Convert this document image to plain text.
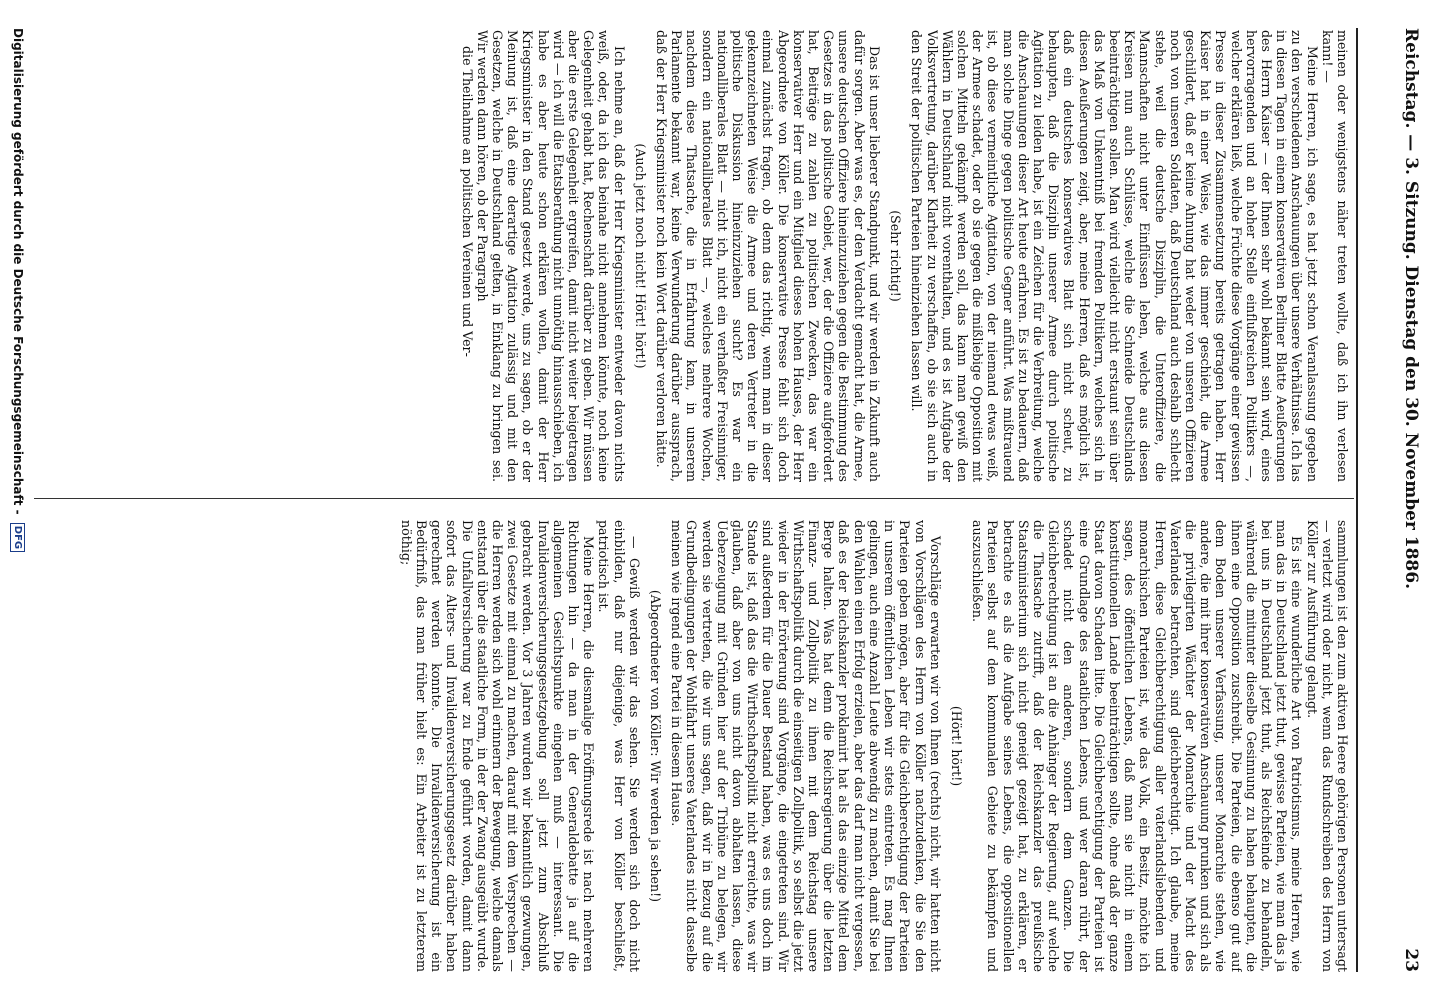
Reichstag. — 3. Sitzung. Dienstag den 30. November 1886.
23

meinen oder wenigstens näher treten wollte, daß ich ihn verlesen kann! —

Meine Herren, ich sage, es hat jetzt schon Veranlassung gegeben zu den verschiedenen Anschauungen über unsere Verhältnisse. Ich las in diesen Tagen in einem konservativen Berliner Blatte Aeußerungen des Herrn Kaiser — der Ihnen sehr wohl bekannt sein wird, eines hervorragenden und an hoher Stelle einflußreichen Politikers —, welcher erklären ließ, welche Früchte diese Vorgänge einer gewissen Presse in dieser Zusammensetzung bereits getragen haben. Herr Kaiser hat in einer Weise, wie das immer geschieht, die Armee geschildert, daß er keine Ahnung hat weder von unseren Offizieren noch von unseren Soldaten, daß Deutschland auch deshalb schlecht stehe, weil die deutsche Disziplin, die Unteroffiziere, die Mannschaften nicht unter Einflüssen leben, welche aus diesen Kreisen nun auch Schlüsse, welche die Schneide Deutschlands beeinträchtigen sollen. Man wird vielleicht nicht erstaunt sein über das Maß von Unkenntniß bei fremden Politikern, welches sich in diesen Aeußerungen zeigt, aber, meine Herren, daß es möglich ist, daß ein deutsches konservatives Blatt sich nicht scheut, zu behaupten, daß die Disziplin unserer Armee durch politische Agitation zu leiden habe, ist ein Zeichen für die Verbreitung, welche die Anschauungen dieser Art heute erfahren. Es ist zu bedauern, daß man solche Dinge gegen politische Gegner anführt. Was mißtrauend ist, ob diese vermeintliche Agitation, von der niemand etwas weiß, der Armee schadet, oder ob sie gegen die mißliebige Opposition mit solchen Mitteln gekämpft werden soll, das kann man gewiß den Wählern in Deutschland nicht vorenthalten, und es ist Aufgabe der Volksvertretung, darüber Klarheit zu verschaffen, ob sie sich auch in den Streit der politischen Parteien hineinziehen lassen will.

(Sehr richtig!)

Das ist unser lieberer Standpunkt, und wir werden in Zukunft auch dafür sorgen. Aber was es, der den Verdacht gemacht hat, die Armee, unsere deutschen Offiziere hineinzuziehen gegen die Bestimmung des Gesetzes in das politische Gebiet, wer, der die Offiziere aufgefordert hat, Beiträge zu zahlen zu politischen Zwecken, das war ein konservativer Herr und ein Mitglied dieses hohen Hauses, der Herr Abgeordnete von Köller. Die konservative Presse fehlt sich doch einmal zunächst fragen, ob denn das richtig, wenn man in dieser gekennzeichneten Weise die Armee und deren Vertreter in die politische Diskussion hineinzuziehen sucht? Es war ein nationalliberales Blatt — nicht ich, nicht ein verhaßter Freisinniger, sondern ein nationalliberales Blatt —, welches mehrere Wochen, nachdem diese Thatsache, die in Erfahrung kam, in unserem Parlamente bekannt war, keine Verwunderung darüber aussprach, daß der Herr Kriegsminister noch kein Wort darüber verloren hätte.

(Auch jetzt noch nicht! Hört! hört!)

Ich nehme an, daß der Herr Kriegsminister entweder davon nichts weiß, oder, da ich das beinahe nicht annehmen könnte, noch keine Gelegenheit gehabt hat, Rechenschaft darüber zu geben. Wir müssen aber die erste Gelegenheit ergreifen, damit nicht weiter beigetragen wird — ich will die Etatsberathung nicht unnöthig hinausschieben, ich habe es aber heute schon erklären wollen, damit der Herr Kriegsminister in den Stand gesetzt werde, uns zu sagen, ob er der Meinung ist, daß eine derartige Agitation zulässig und mit den Gesetzen, welche in Deutschland gelten, in Einklang zu bringen sei. Wir werden dann hören, ob der Paragraph

die Theilnahme an politischen Vereinen und Ver-

sammlungen ist den zum aktiven Heere gehörigen Personen untersagt — verletzt wird oder nicht, wenn das Rundschreiben des Herrn von Köller zur Ausführung gelangt.

Es ist eine wunderliche Art von Patriotismus, meine Herren, wie man das in Deutschland jetzt thut, gewisse Parteien, wie man das ja bei uns in Deutschland jetzt thut, als Reichsfeinde zu behandeln, während die mitunter dieselbe Gesinnung zu haben behaupten, die ihnen eine Opposition zuschreibt. Die Parteien, die ebenso gut auf dem Boden unserer Verfassung, unserer Monarchie stehen, wie andere, die mit ihrer konservativen Anschauung prunken und sich als die privilegirten Wächter der Monarchie und der Macht des Vaterlandes betrachten, sind gleichberechtigt. Ich glaube, meine Herren, diese Gleichberechtigung aller vaterlandsliebenden und monarchischen Parteien ist, wie das Volk, ein Besitz, möchte ich sagen, des öffentlichen Lebens, daß man sie nicht in einem konstitutionellen Lande beeinträchtigen sollte, ohne daß der ganze Staat davon Schaden litte. Die Gleichberechtigung der Parteien ist eine Grundlage des staatlichen Lebens, und wer daran rührt, der schadet nicht den anderen, sondern dem Ganzen. Die Gleichberechtigung ist an die Anhänger der Regierung, auf welche die Thatsache zutrifft, daß der Reichskanzler das preußische Staatsministerium sich nicht geneigt gezeigt hat, zu erklären, er betrachte es als die Aufgabe seines Lebens, die oppositionellen Parteien selbst auf dem kommunalen Gebiete zu bekämpfen und auszuschließen.

(Hört! hört!)

Vorschläge erwarten wir von Ihnen (rechts) nicht, wir hatten nicht von Vorschlägen des Herrn von Köller nachzudenken, die Sie den Parteien geben mögen, aber für die Gleichberechtigung der Parteien in unserem öffentlichen Leben wir stets eintreten. Es mag Ihnen gelingen, auch eine Anzahl Leute abwendig zu machen, damit Sie bei den Wahlen einen Erfolg erzielen, aber das darf man nicht vergessen, daß es der Reichskanzler proklamirt hat als das einzige Mittel dem Berge halten. Was hat denn die Reichsregierung über die letzten Finanz- und Zollpolitik zu ihnen mit dem Reichstag unsere Wirthschaftspolitik durch die einseitigen Zollpolitik, so selbst die jetzt wieder in der Erörterung sind Vorgänge, die eingetreten sind. Wir sind außerdem für die Dauer Bestand haben, was es uns doch im Stande ist, daß das die Wirthschaftspolitik nicht erreichte, was wir glauben, daß aber von uns nicht davon abhalten lassen, diese Ueberzeugung mit Gründen hier auf der Tribüne zu belegen, wir werden sie vertreten, die wir uns sagen, daß wir in Bezug auf die Grundbedingungen der Wohlfahrt unseres Vaterlandes nicht dasselbe meinen wie irgend eine Partei in diesem Hause.

(Abgeordneter von Köller: Wir werden ja sehen!)

— Gewiß werden wir das sehen. Sie werden sich doch nicht einbilden, daß nur diejenige, was Herr von Köller beschließt, patriotisch ist.

Meine Herren, die diesmalige Eröffnungsrede ist nach mehreren Richtungen hin — da man in der Generaldebatte ja auf die allgemeinen Gesichtspunkte eingehen muß — interessant. Die Invalidenversicherungsgesetzgebung soll jetzt zum Abschluß gebracht werden. Vor 3 Jahren wurden wir bekanntlich gezwungen, zwei Gesetze mit einmal zu machen, darauf mit dem Versprechen — die Herren werden sich wohl erinnern der Bewegung, welche damals entstand über die staatliche Form, in der der Zwang ausgeübt wurde. Die Unfallversicherung war zu Ende geführt worden, damit dann sofort das Alters- und Invalidenversicherungsgesetz darüber haben gerechnet werden konnte. Die Invalidenversicherung ist ein Bedürfniß, das man früher hielt es: Ein Arbeiter ist zu letzterem nöthig;

Digitalisierung gefördert durch die Deutsche Forschungsgemeinschaft - DFG
